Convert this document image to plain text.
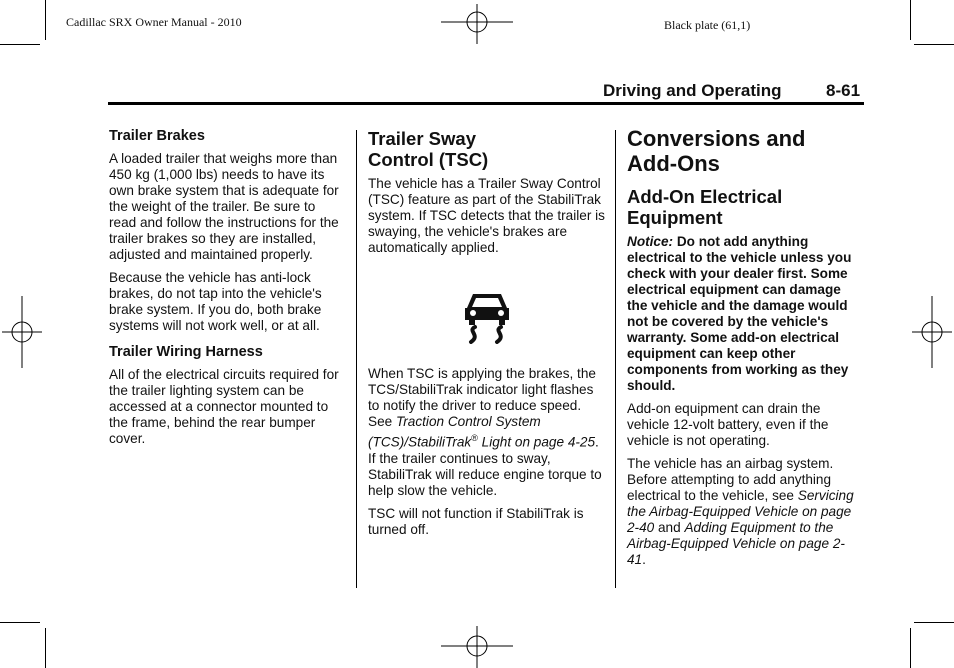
Cadillac SRX Owner Manual - 2010	Black plate (61,1)
Driving and Operating	8-61
Trailer Brakes

A loaded trailer that weighs more than 450 kg (1,000 lbs) needs to have its own brake system that is adequate for the weight of the trailer. Be sure to read and follow the instructions for the trailer brakes so they are installed, adjusted and maintained properly.

Because the vehicle has anti-lock brakes, do not tap into the vehicle's brake system. If you do, both brake systems will not work well, or at all.

Trailer Wiring Harness

All of the electrical circuits required for the trailer lighting system can be accessed at a connector mounted to the frame, behind the rear bumper cover.

Trailer Sway
Control (TSC)

The vehicle has a Trailer Sway Control (TSC) feature as part of the StabiliTrak system. If TSC detects that the trailer is swaying, the vehicle's brakes are automatically applied.

When TSC is applying the brakes, the TCS/StabiliTrak indicator light flashes to notify the driver to reduce speed. See Traction Control System (TCS)/StabiliTrak® Light on page 4-25. If the trailer continues to sway, StabiliTrak will reduce engine torque to help slow the vehicle.

TSC will not function if StabiliTrak is turned off.

Conversions and
Add-Ons
Add-On Electrical
Equipment

Notice: Do not add anything electrical to the vehicle unless you check with your dealer first. Some electrical equipment can damage the vehicle and the damage would not be covered by the vehicle's warranty. Some add-on electrical equipment can keep other components from working as they should.

Add-on equipment can drain the vehicle 12-volt battery, even if the vehicle is not operating.

The vehicle has an airbag system. Before attempting to add anything electrical to the vehicle, see Servicing the Airbag-Equipped Vehicle on page 2-40 and Adding Equipment to the Airbag-Equipped Vehicle on page 2-41.
